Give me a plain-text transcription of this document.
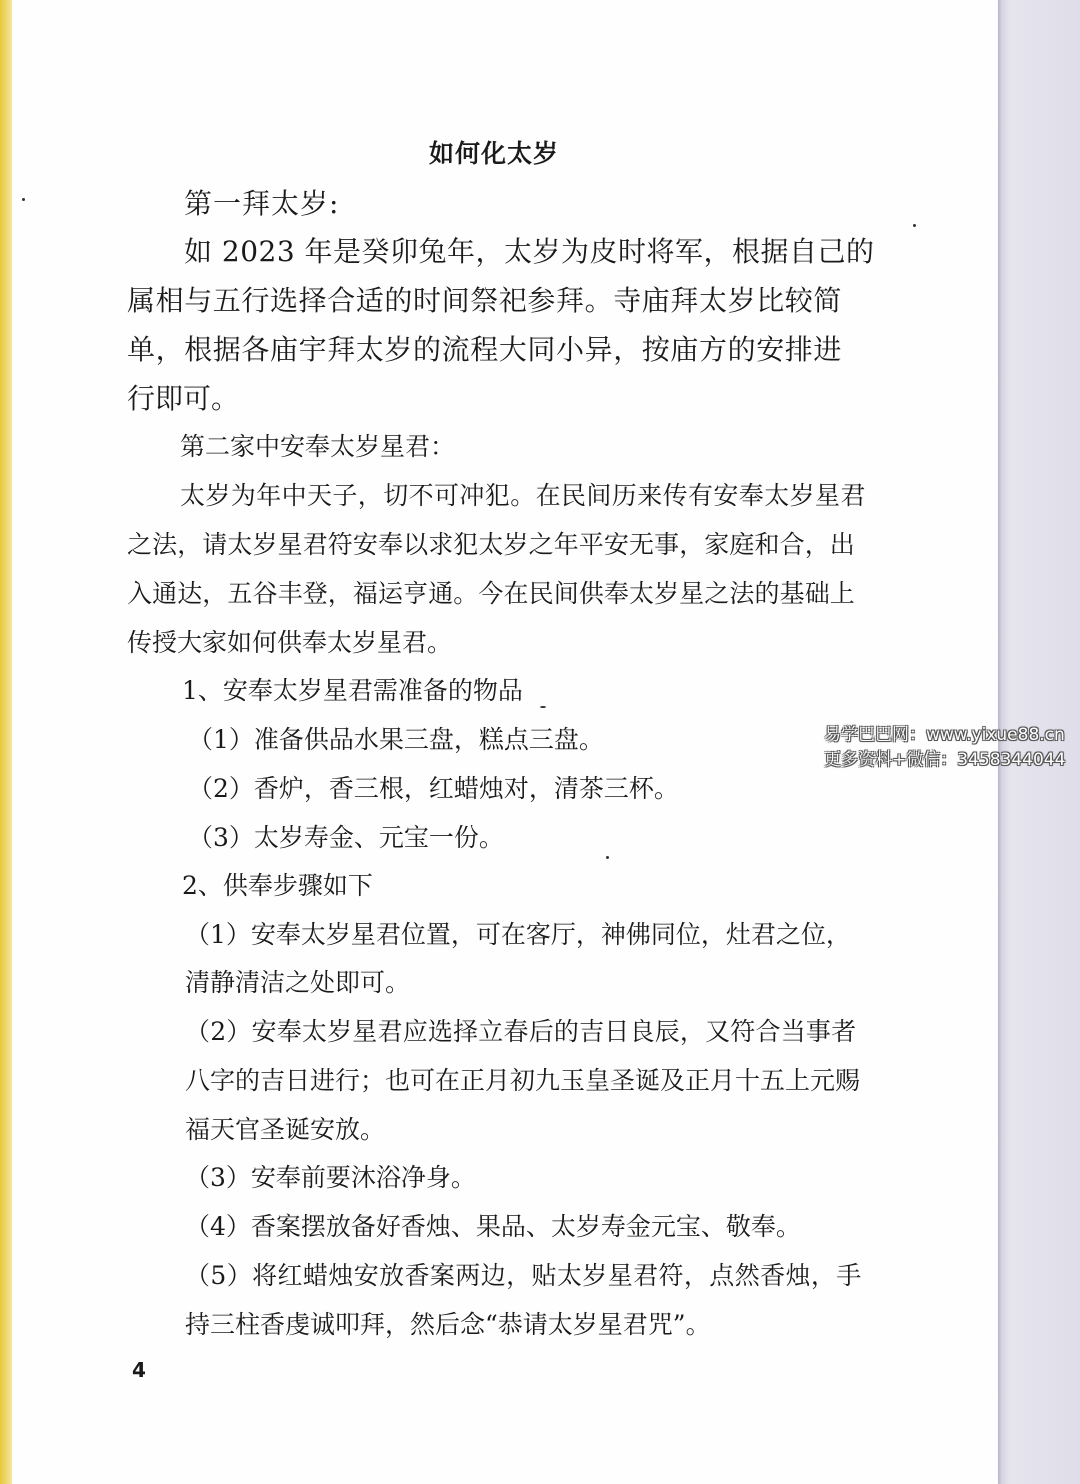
如何化太岁

第一拜太岁:

如 2023 年是癸卯兔年，太岁为皮时将军，根据自己的

属相与五行选择合适的时间祭祀参拜。寺庙拜太岁比较简

单，根据各庙宇拜太岁的流程大同小异，按庙方的安排进

行即可。

第二家中安奉太岁星君：

太岁为年中天子，切不可冲犯。在民间历来传有安奉太岁星君

之法，请太岁星君符安奉以求犯太岁之年平安无事，家庭和合，出

入通达，五谷丰登，福运亨通。今在民间供奉太岁星之法的基础上

传授大家如何供奉太岁星君。

1、安奉太岁星君需准备的物品

（1）准备供品水果三盘，糕点三盘。

（2）香炉，香三根，红蜡烛对，清茶三杯。

（3）太岁寿金、元宝一份。

2、供奉步骤如下

（1）安奉太岁星君位置，可在客厅，神佛同位，灶君之位，

清静清洁之处即可。

（2）安奉太岁星君应选择立春后的吉日良辰，又符合当事者

八字的吉日进行；也可在正月初九玉皇圣诞及正月十五上元赐

福天官圣诞安放。

（3）安奉前要沐浴净身。

（4）香案摆放备好香烛、果品、太岁寿金元宝、敬奉。

（5）将红蜡烛安放香案两边，贴太岁星君符，点然香烛，手

持三柱香虔诚叩拜，然后念“恭请太岁星君咒”。

4
易学巴巴网：www.yixue88.cn
更多资料+微信：3458344044
